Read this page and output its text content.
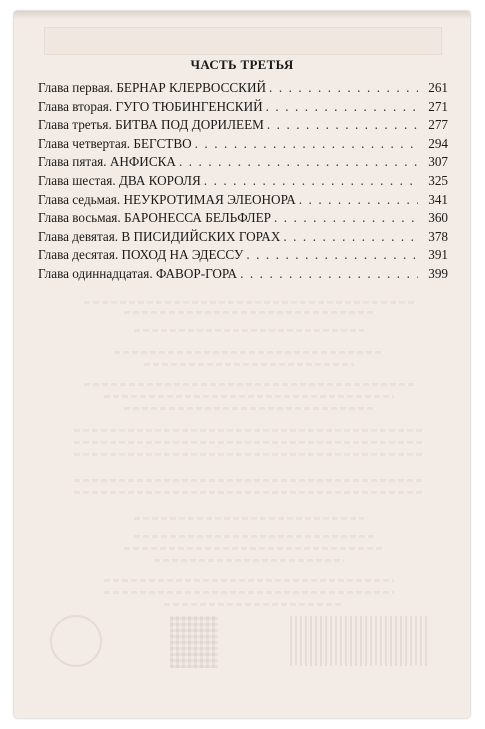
ЧАСТЬ ТРЕТЬЯ
Глава первая . БЕРНАР КЛЕРВОССКИЙ . . .	261
Глава вторая . ГУГО ТЮБИНГЕНСКИЙ . . .	271
Глава третья . БИТВА ПОД ДОРИЛЕЕМ . . .	277
Глава четвертая . БЕГСТВО . . .	294
Глава пятая . АНФИСКА . . .	307
Глава шестая . ДВА КОРОЛЯ . . .	325
Глава седьмая . НЕУКРОТИМАЯ ЭЛЕОНОРА . . .	341
Глава восьмая . БАРОНЕССА БЕЛЬФЛЕР . . .	360
Глава девятая . В ПИСИДИЙСКИХ ГОРАХ . . .	378
Глава десятая . ПОХОД НА ЭДЕССУ . . .	391
Глава одиннадцатая . ФАВОР-ГОРА . . .	399
